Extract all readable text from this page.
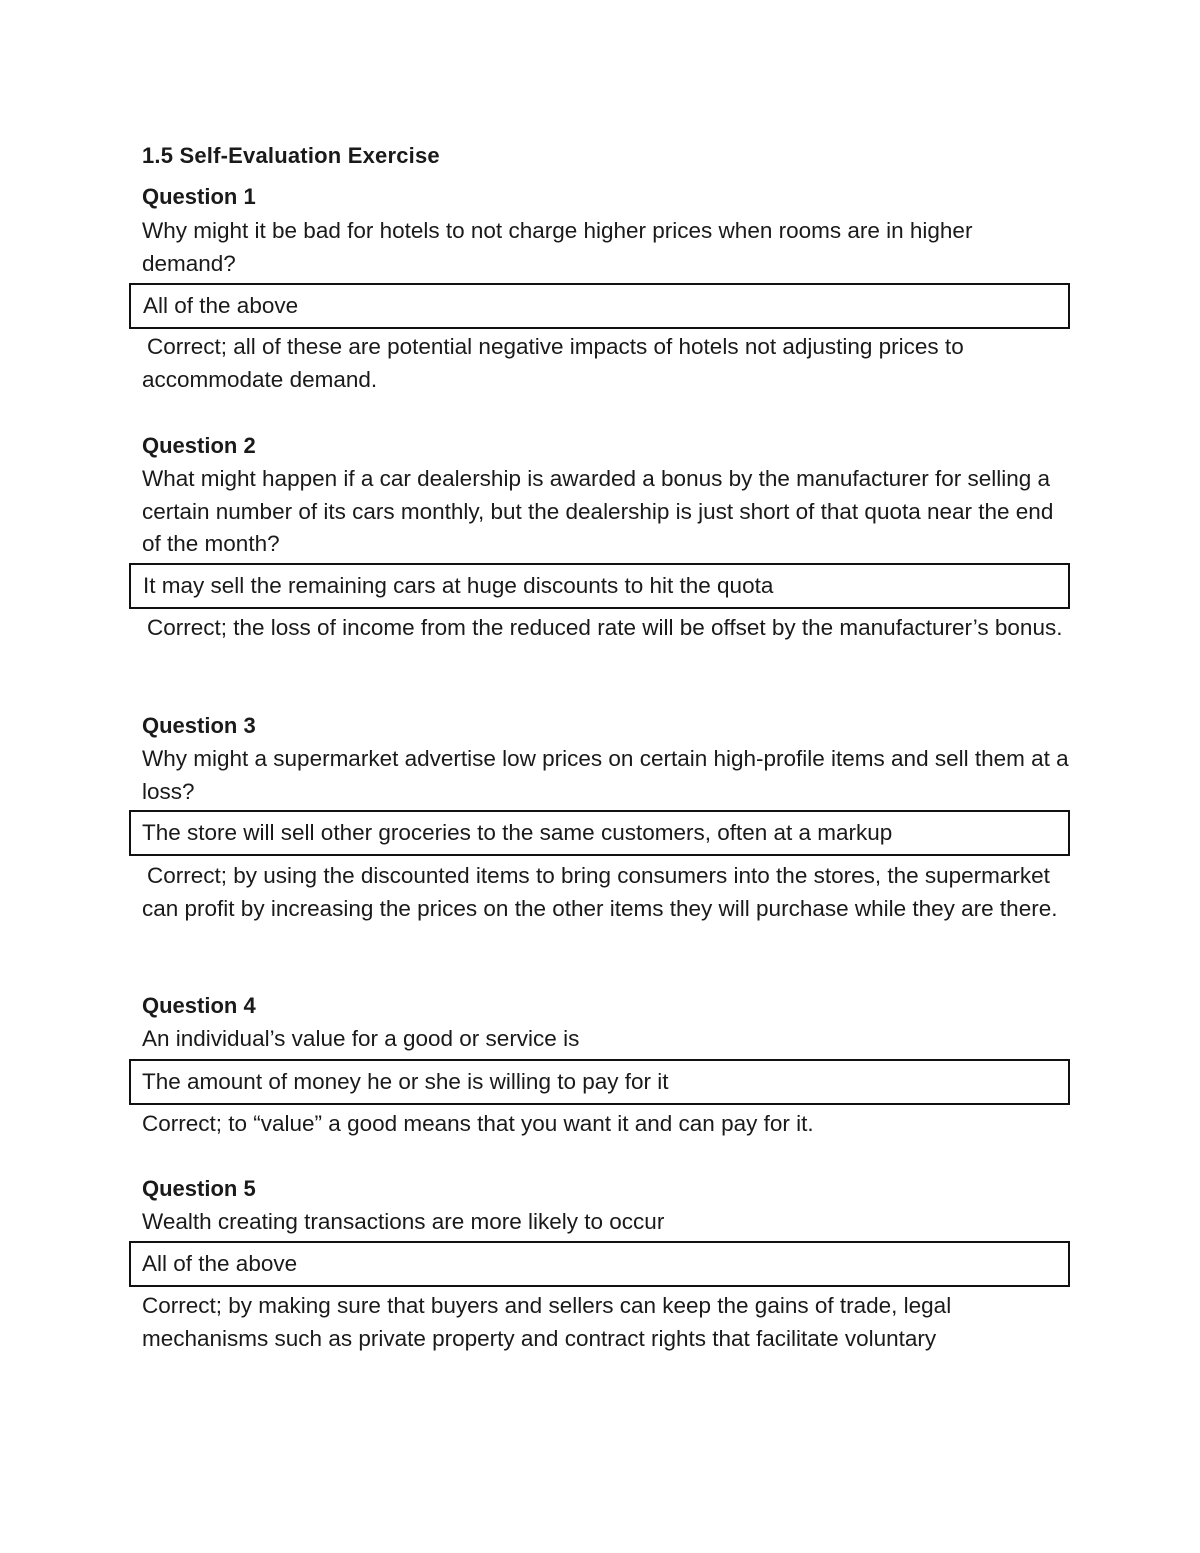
1.5 Self-Evaluation Exercise
Question 1
Why might it be bad for hotels to not charge higher prices when rooms are in higher demand?
All of the above
Correct; all of these are potential negative impacts of hotels not adjusting prices to accommodate demand.
Question 2
What might happen if a car dealership is awarded a bonus by the manufacturer for selling a certain number of its cars monthly, but the dealership is just short of that quota near the end of the month?
It may sell the remaining cars at huge discounts to hit the quota
Correct; the loss of income from the reduced rate will be offset by the manufacturer’s bonus.
Question 3
Why might a supermarket advertise low prices on certain high-profile items and sell them at a loss?
The store will sell other groceries to the same customers, often at a markup
Correct; by using the discounted items to bring consumers into the stores, the supermarket can profit by increasing the prices on the other items they will purchase while they are there.
Question 4
An individual’s value for a good or service is
The amount of money he or she is willing to pay for it
Correct; to “value” a good means that you want it and can pay for it.
Question 5
Wealth creating transactions are more likely to occur
All of the above
Correct; by making sure that buyers and sellers can keep the gains of trade, legal mechanisms such as private property and contract rights that facilitate voluntary
